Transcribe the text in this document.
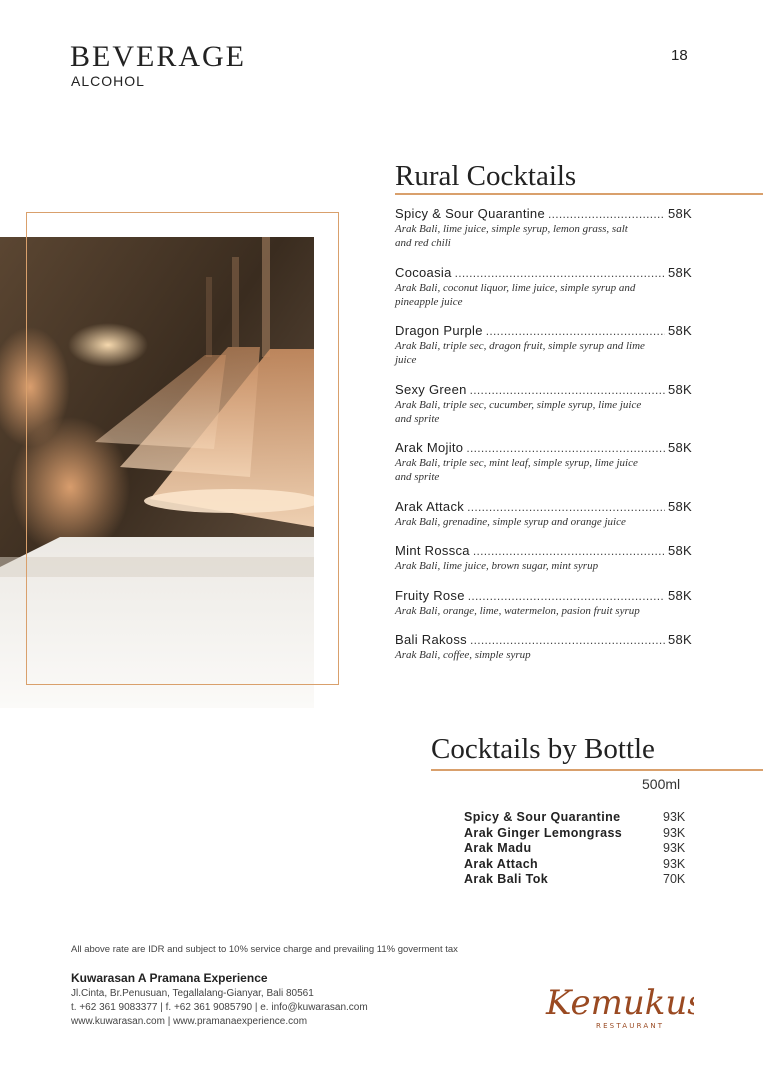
BEVERAGE
ALCOHOL
18
Rural Cocktails
Spicy & Sour Quarantine .....	58K
Arak Bali, lime juice, simple syrup, lemon grass, salt and red chili
Cocoasia .....	58K
Arak Bali, coconut liquor, lime juice, simple syrup and pineapple juice
Dragon Purple .....	58K
Arak Bali, triple sec, dragon fruit, simple syrup and lime juice
Sexy Green .....	58K
Arak Bali, triple sec, cucumber, simple syrup, lime juice and sprite
Arak Mojito .....	58K
Arak Bali, triple sec, mint leaf, simple syrup, lime juice and sprite
Arak Attack .....	58K
Arak Bali, grenadine, simple syrup and orange juice
Mint Rossca .....	58K
Arak Bali, lime juice, brown sugar, mint syrup
Fruity Rose .....	58K
Arak Bali, orange, lime, watermelon, pasion fruit syrup
Bali Rakoss .....	58K
Arak Bali, coffee, simple syrup
Cocktails by Bottle
500ml
Spicy & Sour Quarantine	93K
Arak Ginger Lemongrass	93K
Arak Madu	93K
Arak Attach	93K
Arak Bali Tok	70K
All above rate are IDR and subject to 10% service charge and prevailing 11% goverment tax
Kuwarasan A Pramana Experience
Jl.Cinta, Br.Penusuan, Tegallalang-Gianyar, Bali 80561
t. +62 361 9083377 | f. +62 361 9085790 | e. info@kuwarasan.com
www.kuwarasan.com | www.pramanaexperience.com	Kemukus
RESTAURANT
